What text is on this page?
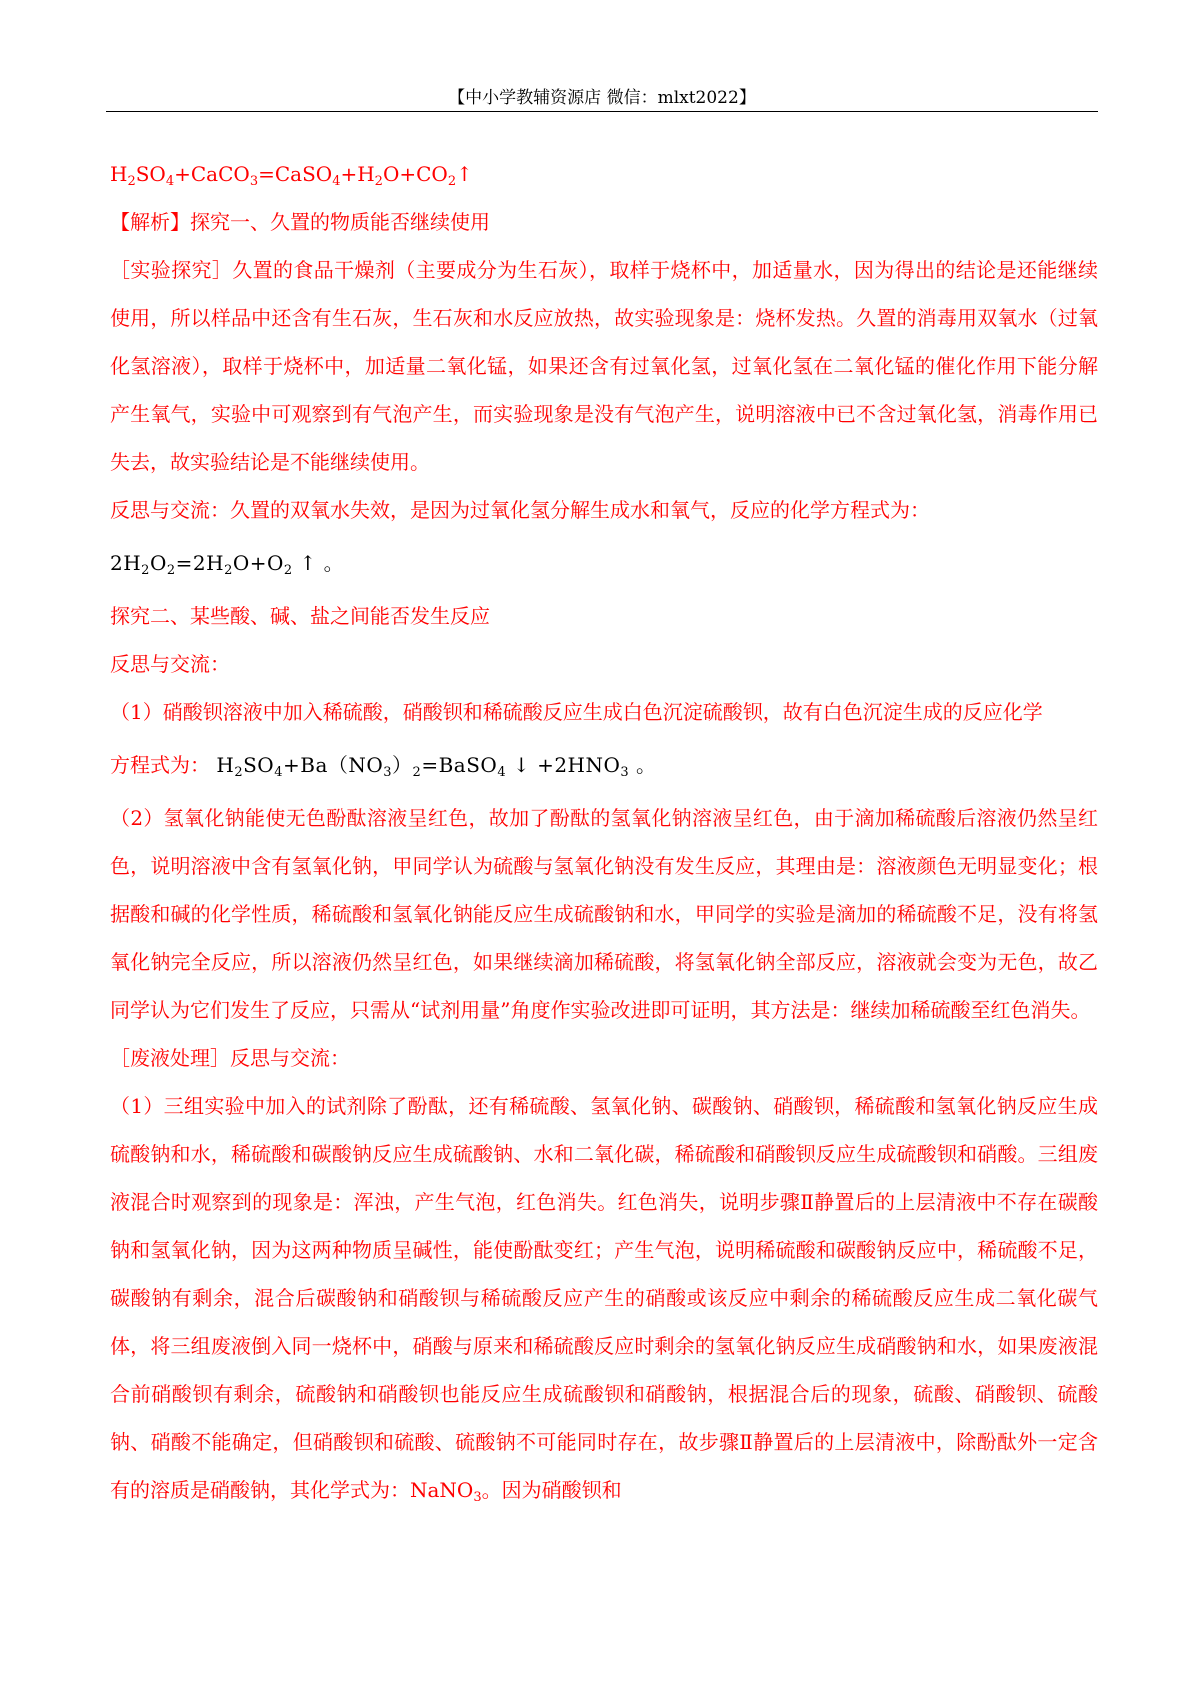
【中小学教辅资源店 微信：mlxt2022】

$H_2SO_4+CaCO_3=CaSO_4+H_2O+CO_2↑$

【解析】探究一、久置的物质能否继续使用

［实验探究］久置的食品干燥剂（主要成分为生石灰），取样于烧杯中，加适量水，因为得出的结论是还能继续使用，所以样品中还含有生石灰，生石灰和水反应放热，故实验现象是：烧杯发热。久置的消毒用双氧水（过氧化氢溶液），取样于烧杯中，加适量二氧化锰，如果还含有过氧化氢，过氧化氢在二氧化锰的催化作用下能分解产生氧气，实验中可观察到有气泡产生，而实验现象是没有气泡产生，说明溶液中已不含过氧化氢，消毒作用已失去，故实验结论是不能继续使用。

反思与交流：久置的双氧水失效，是因为过氧化氢分解生成水和氧气，反应的化学方程式为：

$2H_2O_2=2H_2O+O_2$ ↑ 。

探究二、某些酸、碱、盐之间能否发生反应

反思与交流：

（1）硝酸钡溶液中加入稀硫酸，硝酸钡和稀硫酸反应生成白色沉淀硫酸钡，故有白色沉淀生成的反应化学

方程式为： $H_2SO_4+Ba(NO_3)_2=BaSO_4$ ↓ $+2HNO_3$ 。

（2）氢氧化钠能使无色酚酞溶液呈红色，故加了酚酞的氢氧化钠溶液呈红色，由于滴加稀硫酸后溶液仍然呈红色，说明溶液中含有氢氧化钠，甲同学认为硫酸与氢氧化钠没有发生反应，其理由是：溶液颜色无明显变化；根据酸和碱的化学性质，稀硫酸和氢氧化钠能反应生成硫酸钠和水，甲同学的实验是滴加的稀硫酸不足，没有将氢氧化钠完全反应，所以溶液仍然呈红色，如果继续滴加稀硫酸，将氢氧化钠全部反应，溶液就会变为无色，故乙同学认为它们发生了反应，只需从“试剂用量”角度作实验改进即可证明，其方法是：继续加稀硫酸至红色消失。

［废液处理］反思与交流：

（1）三组实验中加入的试剂除了酚酞，还有稀硫酸、氢氧化钠、碳酸钠、硝酸钡，稀硫酸和氢氧化钠反应生成硫酸钠和水，稀硫酸和碳酸钠反应生成硫酸钠、水和二氧化碳，稀硫酸和硝酸钡反应生成硫酸钡和硝酸。三组废液混合时观察到的现象是：浑浊，产生气泡，红色消失。红色消失，说明步骤Ⅱ静置后的上层清液中不存在碳酸钠和氢氧化钠，因为这两种物质呈碱性，能使酚酞变红；产生气泡，说明稀硫酸和碳酸钠反应中，稀硫酸不足，碳酸钠有剩余，混合后碳酸钠和硝酸钡与稀硫酸反应产生的硝酸或该反应中剩余的稀硫酸反应生成二氧化碳气体，将三组废液倒入同一烧杯中，硝酸与原来和稀硫酸反应时剩余的氢氧化钠反应生成硝酸钠和水，如果废液混合前硝酸钡有剩余，硫酸钠和硝酸钡也能反应生成硫酸钡和硝酸钠，根据混合后的现象，硫酸、硝酸钡、硫酸钠、硝酸不能确定，但硝酸钡和硫酸、硫酸钠不可能同时存在，故步骤Ⅱ静置后的上层清液中，除酚酞外一定含有的溶质是硝酸钠，其化学式为：NaNO$_3$。因为硝酸钡和
